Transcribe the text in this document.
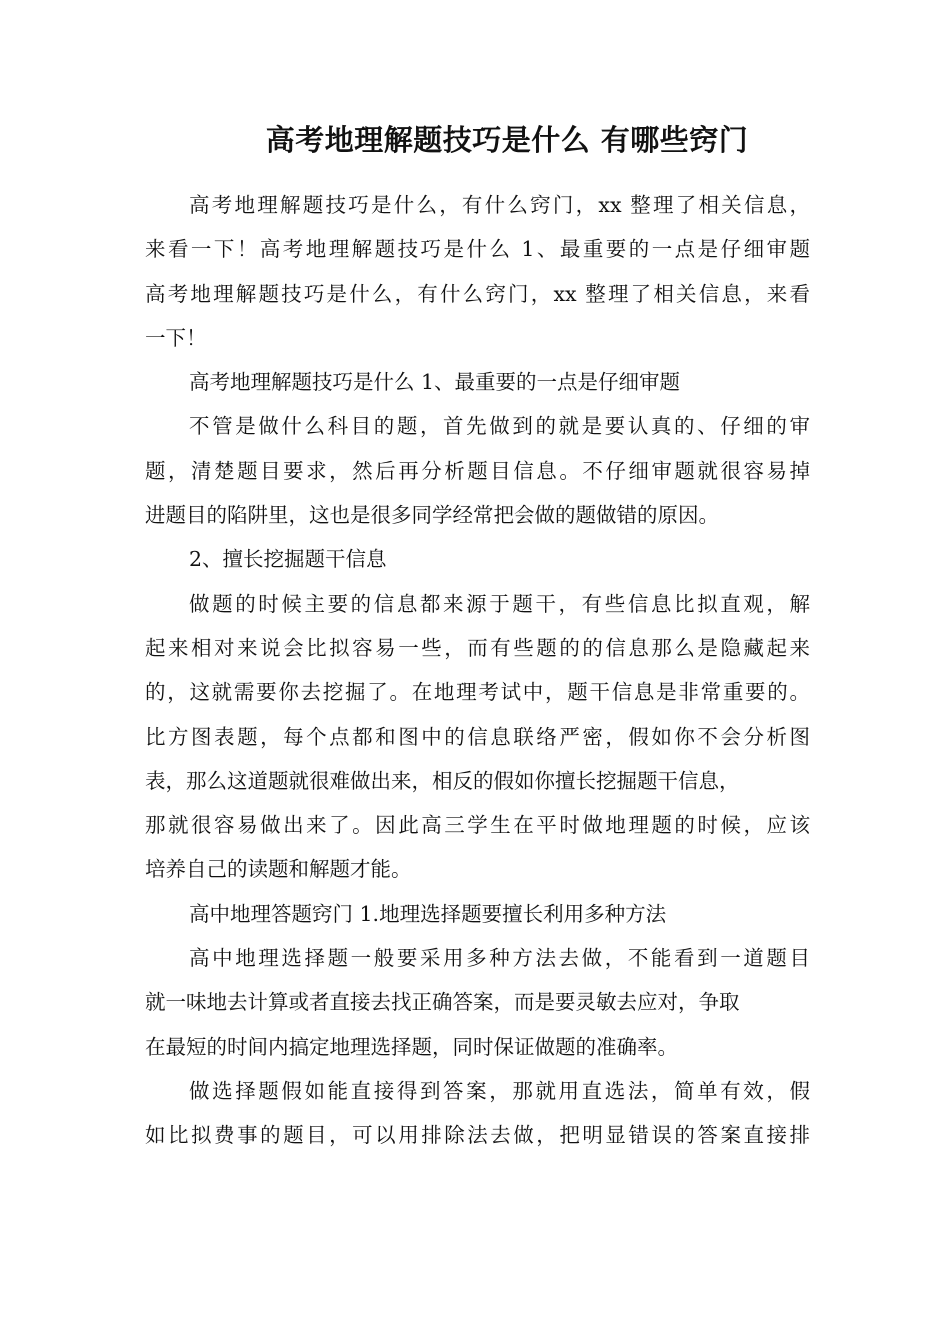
高考地理解题技巧是什么 有哪些窍门

高考地理解题技巧是什么，有什么窍门，xx 整理了相关信息，
来看一下！高考地理解题技巧是什么 1、最重要的一点是仔细审题
高考地理解题技巧是什么，有什么窍门，xx 整理了相关信息，来看
一下！

高考地理解题技巧是什么 1、最重要的一点是仔细审题

不管是做什么科目的题，首先做到的就是要认真的、仔细的审
题，清楚题目要求，然后再分析题目信息。不仔细审题就很容易掉
进题目的陷阱里，这也是很多同学经常把会做的题做错的原因。

2、擅长挖掘题干信息

做题的时候主要的信息都来源于题干，有些信息比拟直观，解
起来相对来说会比拟容易一些，而有些题的的信息那么是隐藏起来
的，这就需要你去挖掘了。在地理考试中，题干信息是非常重要的。
比方图表题，每个点都和图中的信息联络严密，假如你不会分析图
表，那么这道题就很难做出来，相反的假如你擅长挖掘题干信息，
那就很容易做出来了。因此高三学生在平时做地理题的时候，应该
培养自己的读题和解题才能。

高中地理答题窍门 1.地理选择题要擅长利用多种方法

高中地理选择题一般要采用多种方法去做，不能看到一道题目
就一味地去计算或者直接去找正确答案，而是要灵敏去应对，争取
在最短的时间内搞定地理选择题，同时保证做题的准确率。

做选择题假如能直接得到答案，那就用直选法，简单有效，假
如比拟费事的题目，可以用排除法去做，把明显错误的答案直接排
